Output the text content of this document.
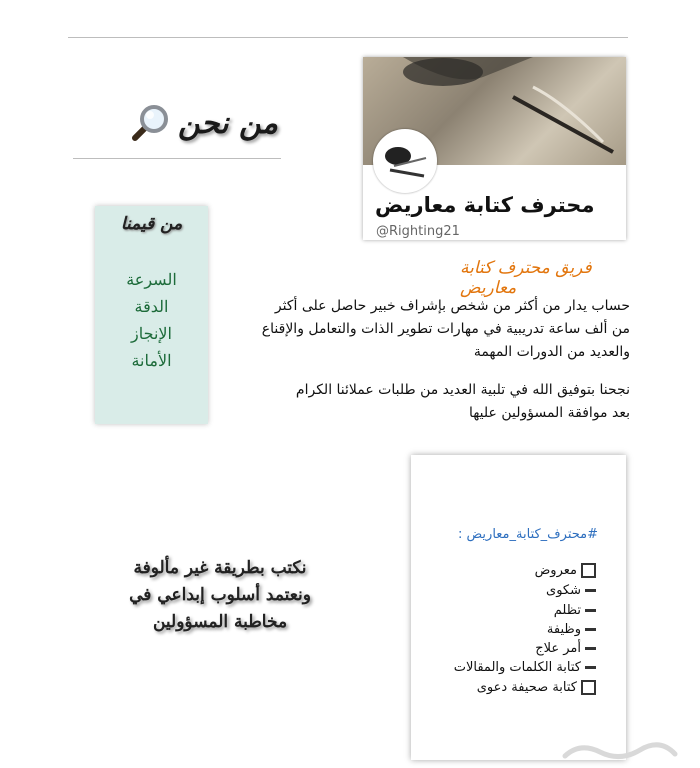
من نحن
محترف كتابة معاريض
@Righting21
من قيمنا
السرعة
الدقة
الإنجاز
الأمانة
فريق محترف كتابة معاريض
حساب يدار من أكثر من شخص بإشراف خبير حاصل على أكثر
من ألف ساعة تدريبية في مهارات تطوير الذات والتعامل والإقناع
والعديد من الدورات المهمة
نجحنا بتوفيق الله في تلبية العديد من طلبات عملائنا الكرام
بعد موافقة المسؤولين عليها
#محترف_كتابة_معاريض :
معروض
شكوى
تظلم
وظيفة
أمر علاج
كتابة الكلمات والمقالات
كتابة صحيفة دعوى
نكتب بطريقة غير مألوفة
ونعتمد أسلوب إبداعي في
مخاطبة المسؤولين
